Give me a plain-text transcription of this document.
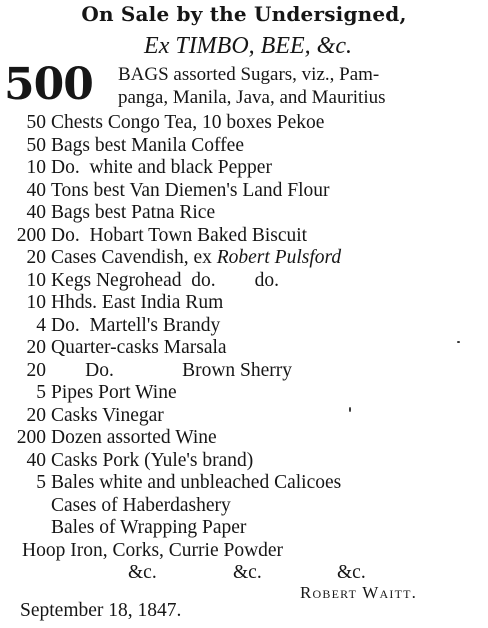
On Sale by the Undersigned,
Ex TIMBO, BEE, &c.
500 BAGS assorted Sugars, viz., Pam-
panga, Manila, Java, and Mauritius
50 Chests Congo Tea, 10 boxes Pekoe
50 Bags best Manila Coffee
10 Do.  white and black Pepper
40 Tons best Van Diemen's Land Flour
40 Bags best Patna Rice
200 Do.  Hobart Town Baked Biscuit
20 Cases Cavendish, ex Robert Pulsford
10 Kegs Negrohead  do.        do.
10 Hhds. East India Rum
4 Do.  Martell's Brandy
20 Quarter-casks Marsala
20 Do.              Brown Sherry
5 Pipes Port Wine
20 Casks Vinegar
200 Dozen assorted Wine
40 Casks Pork (Yule's brand)
5 Bales white and unbleached Calicoes
Cases of Haberdashery
Bales of Wrapping Paper
Hoop Iron, Corks, Currie Powder
&c.	&c.	&c.
Robert Waitt.
September 18, 1847.
